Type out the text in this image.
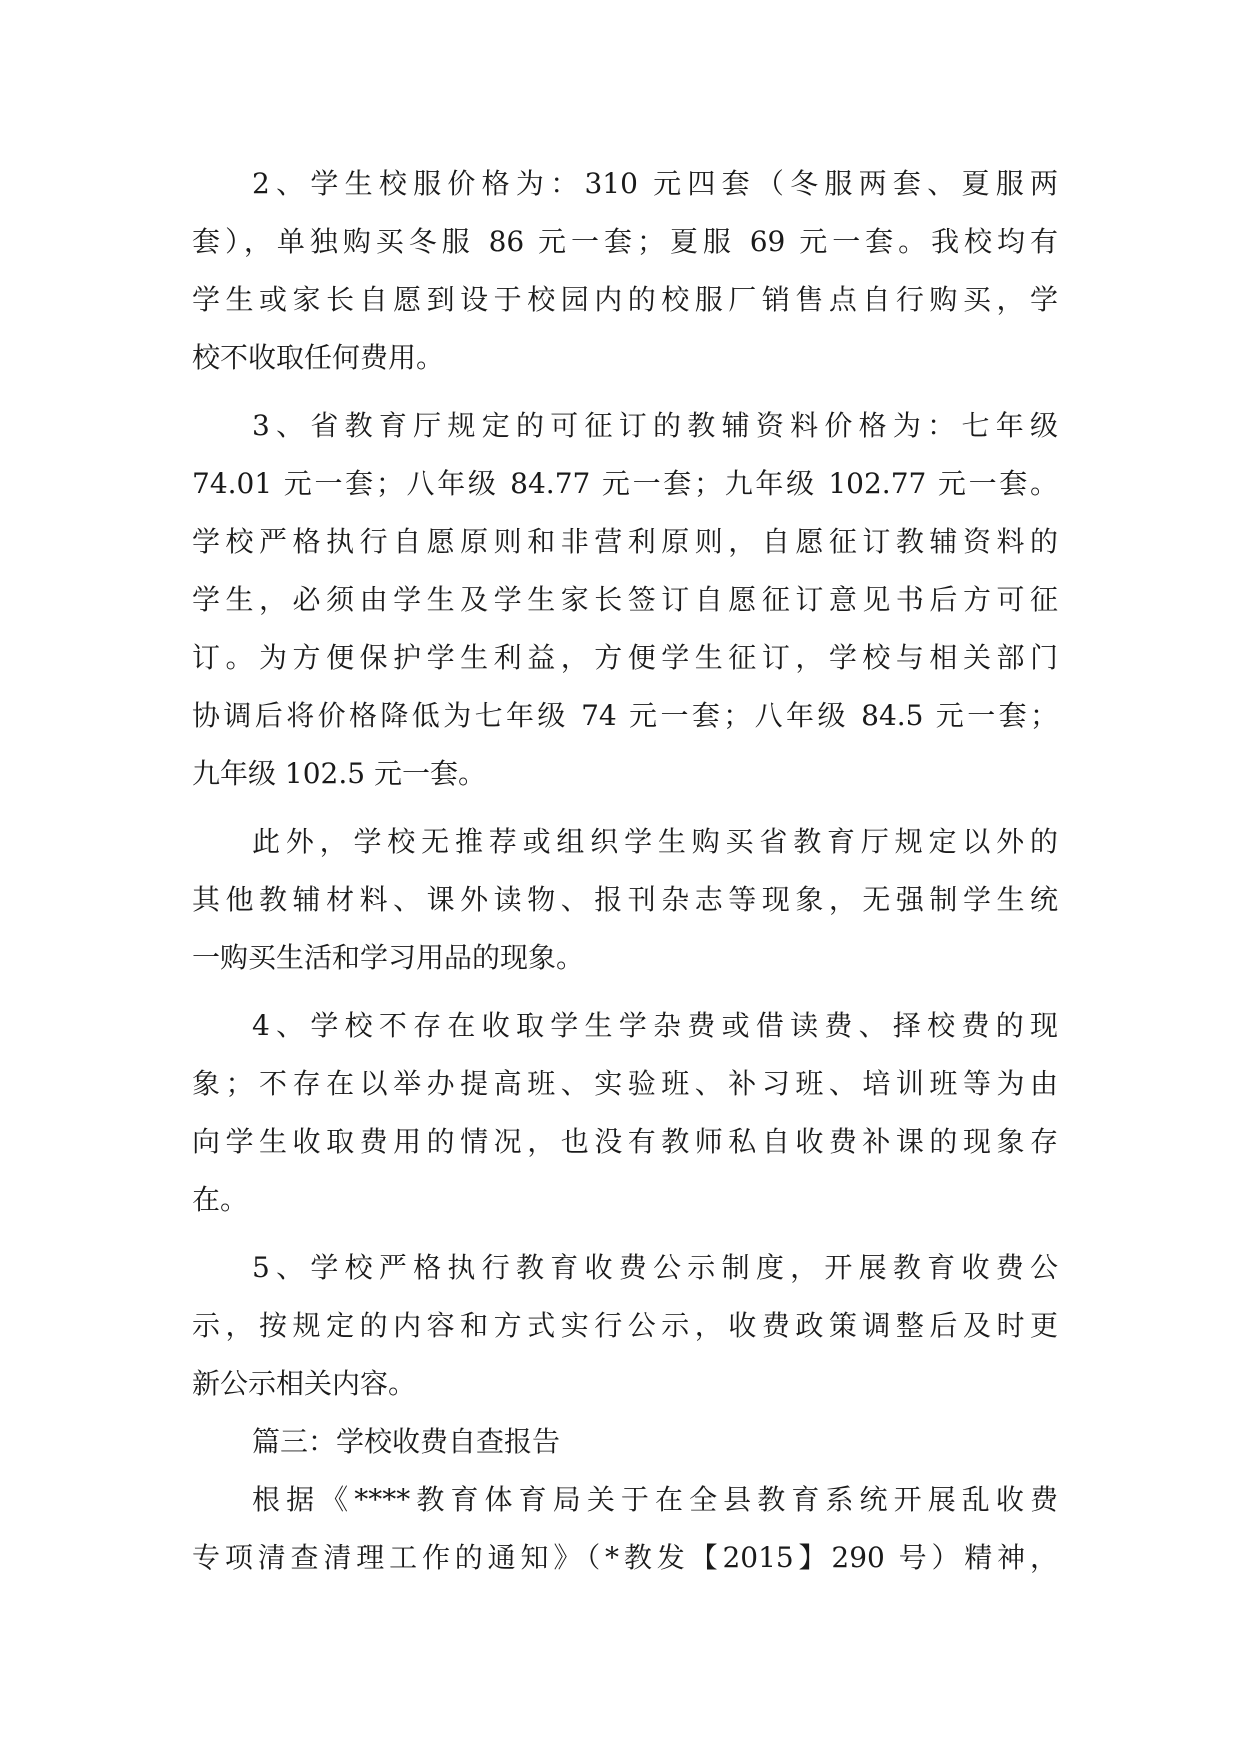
2、学生校服价格为：310 元四套（冬服两套、夏服两
套），单独购买冬服 86 元一套；夏服 69 元一套。我校均有
学生或家长自愿到设于校园内的校服厂销售点自行购买，学
校不收取任何费用。
3、省教育厅规定的可征订的教辅资料价格为：七年级
74.01 元一套；八年级 84.77 元一套；九年级 102.77 元一套。
学校严格执行自愿原则和非营利原则，自愿征订教辅资料的
学生，必须由学生及学生家长签订自愿征订意见书后方可征
订。为方便保护学生利益，方便学生征订，学校与相关部门
协调后将价格降低为七年级 74 元一套；八年级 84.5 元一套；
九年级 102.5 元一套。
此外，学校无推荐或组织学生购买省教育厅规定以外的
其他教辅材料、课外读物、报刊杂志等现象，无强制学生统
一购买生活和学习用品的现象。
4、学校不存在收取学生学杂费或借读费、择校费的现
象；不存在以举办提高班、实验班、补习班、培训班等为由
向学生收取费用的情况，也没有教师私自收费补课的现象存
在。
5、学校严格执行教育收费公示制度，开展教育收费公
示，按规定的内容和方式实行公示，收费政策调整后及时更
新公示相关内容。
篇三：学校收费自查报告
根据《****教育体育局关于在全县教育系统开展乱收费
专项清查清理工作的通知》（*教发【2015】290 号）精神，
